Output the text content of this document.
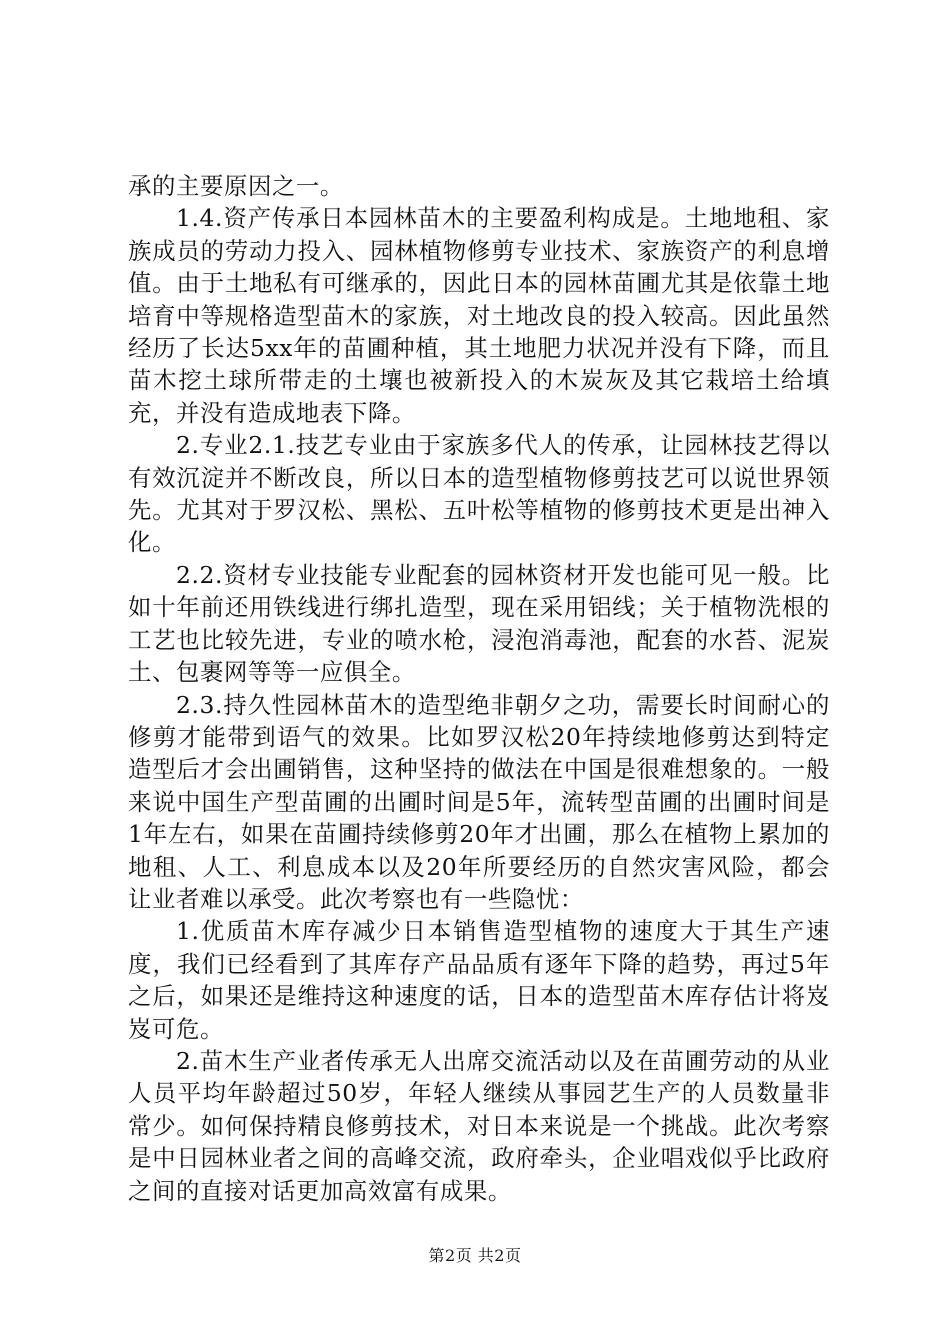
承的主要原因之一。

1.4.资产传承日本园林苗木的主要盈利构成是。土地地租、家族成员的劳动力投入、园林植物修剪专业技术、家族资产的利息增值。由于土地私有可继承的，因此日本的园林苗圃尤其是依靠土地培育中等规格造型苗木的家族，对土地改良的投入较高。因此虽然经历了长达5xx年的苗圃种植，其土地肥力状况并没有下降，而且苗木挖土球所带走的土壤也被新投入的木炭灰及其它栽培土给填充，并没有造成地表下降。

2.专业2.1.技艺专业由于家族多代人的传承，让园林技艺得以有效沉淀并不断改良，所以日本的造型植物修剪技艺可以说世界领先。尤其对于罗汉松、黑松、五叶松等植物的修剪技术更是出神入化。

2.2.资材专业技能专业配套的园林资材开发也能可见一般。比如十年前还用铁线进行绑扎造型，现在采用铝线；关于植物洗根的工艺也比较先进，专业的喷水枪，浸泡消毒池，配套的水苔、泥炭土、包裹网等等一应俱全。

2.3.持久性园林苗木的造型绝非朝夕之功，需要长时间耐心的修剪才能带到语气的效果。比如罗汉松20年持续地修剪达到特定造型后才会出圃销售，这种坚持的做法在中国是很难想象的。一般来说中国生产型苗圃的出圃时间是5年，流转型苗圃的出圃时间是1年左右，如果在苗圃持续修剪20年才出圃，那么在植物上累加的地租、人工、利息成本以及20年所要经历的自然灾害风险，都会让业者难以承受。此次考察也有一些隐忧：

1.优质苗木库存减少日本销售造型植物的速度大于其生产速度，我们已经看到了其库存产品品质有逐年下降的趋势，再过5年之后，如果还是维持这种速度的话，日本的造型苗木库存估计将岌岌可危。

2.苗木生产业者传承无人出席交流活动以及在苗圃劳动的从业人员平均年龄超过50岁，年轻人继续从事园艺生产的人员数量非常少。如何保持精良修剪技术，对日本来说是一个挑战。此次考察是中日园林业者之间的高峰交流，政府牵头，企业唱戏似乎比政府之间的直接对话更加高效富有成果。

第2页 共2页
